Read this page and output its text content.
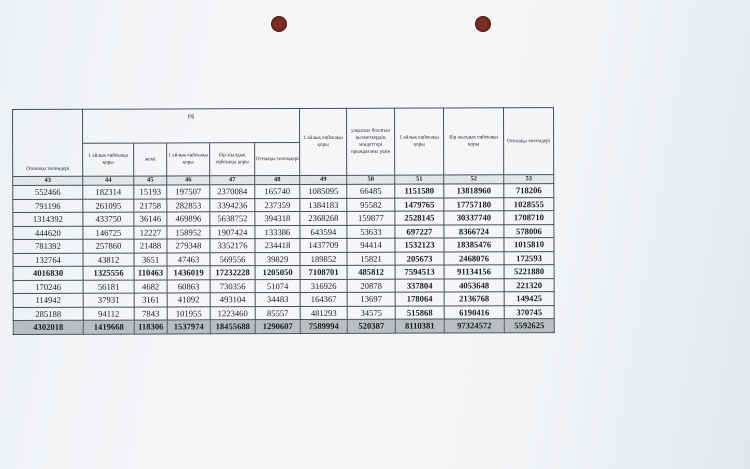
Отемақы төлемдері	РБ					1 айлық еңбекақы қоры	уақытша болатын қызметкердің міндеттері орындағаны үшін	1 айлық еңбекақы қоры	Бір жылдық еңбекақы қоры	Отемақы төлемдері
	1 айлық еңбекақы қоры	жемі	1 айлық еңбекақы қоры	Бір жылдық еңбекақы қоры	Отемақы төлемдері					
43	44	45	46	47	48	49	50	51	52	53
552466	182314	15193	197507	2370084	165740	1085095	66485	1151580	13818960	718206
791196	261095	21758	282853	3394236	237359	1384183	95582	1479765	17757180	1028555
1314392	433750	36146	469896	5638752	394318	2368268	159877	2528145	30337740	1708710
444620	146725	12227	158952	1907424	133386	643594	53633	697227	8366724	578006
781392	257860	21488	279348	3352176	234418	1437709	94414	1532123	18385476	1015810
132764	43812	3651	47463	569556	39829	189852	15821	205673	2468076	172593
4016830	1325556	110463	1436019	17232228	1205050	7108701	485812	7594513	91134156	5221880
170246	56181	4682	60863	730356	51074	316926	20878	337804	4053648	221320
114942	37931	3161	41092	493104	34483	164367	13697	178064	2136768	149425
285188	94112	7843	101955	1223460	85557	481293	34575	515868	6190416	370745
4302018	1419668	118306	1537974	18455688	1290607	7589994	520387	8110381	97324572	5592625
